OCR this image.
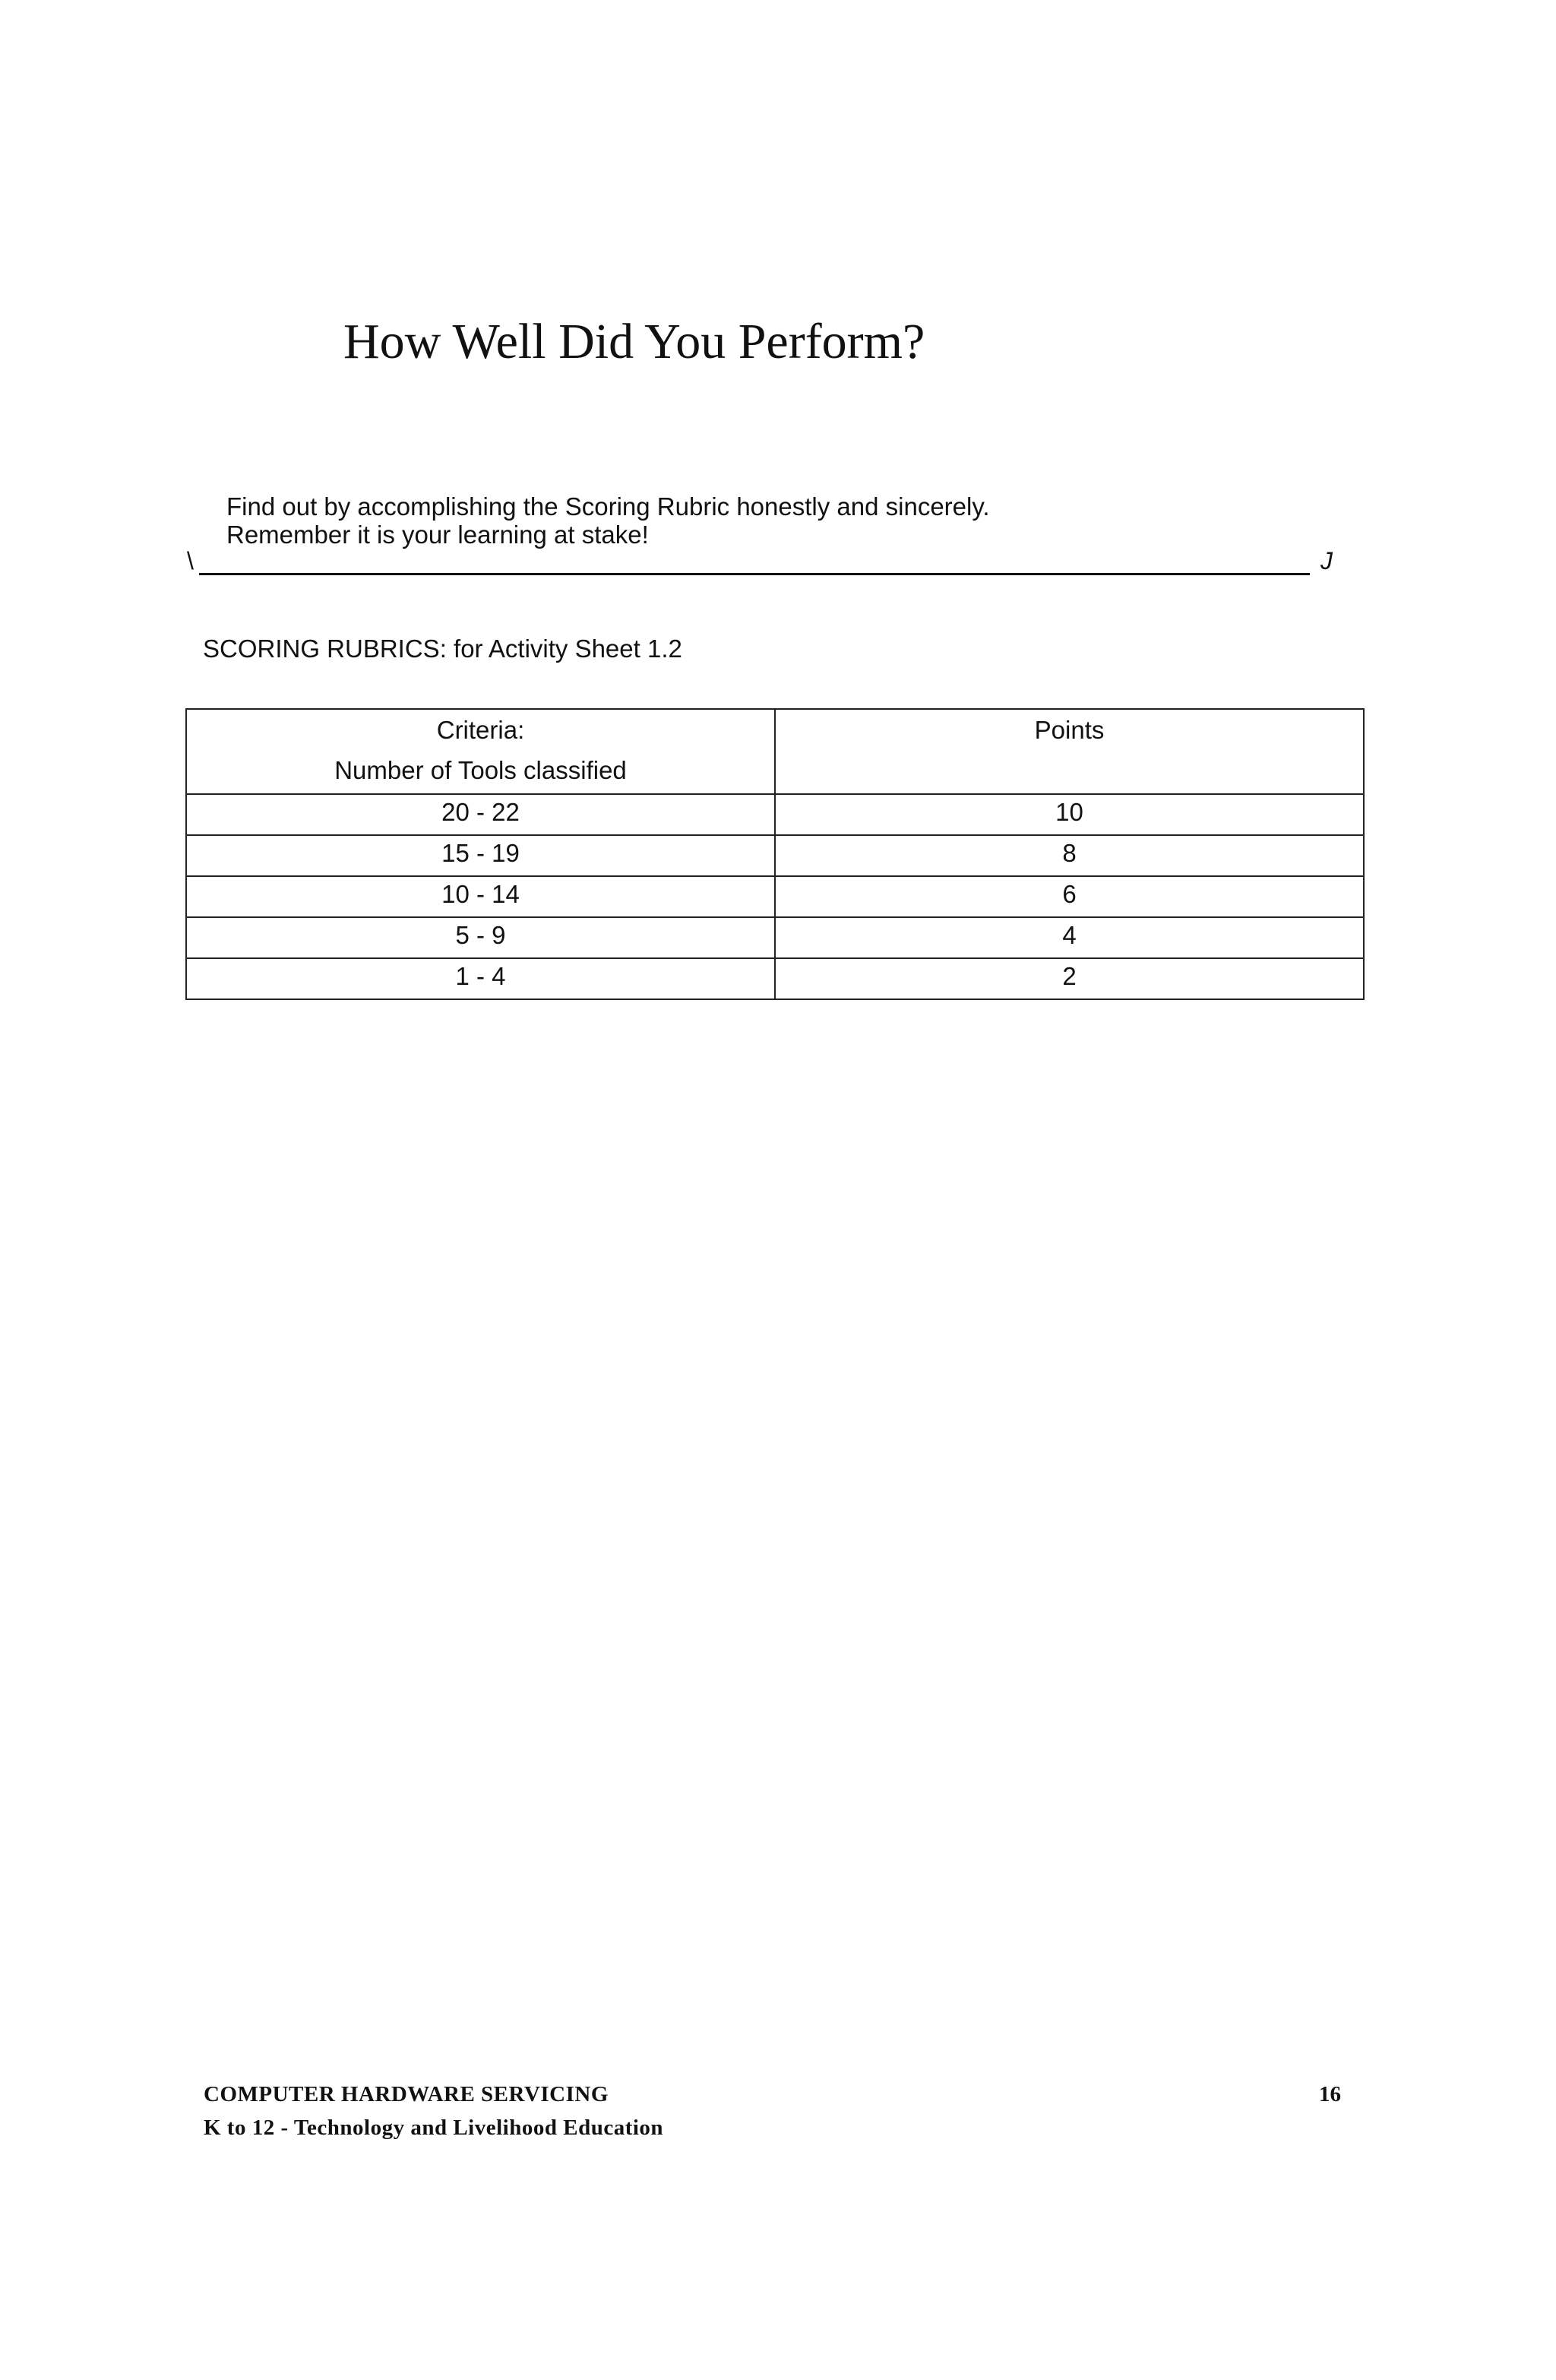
How Well Did You Perform?
Find out by accomplishing the Scoring Rubric honestly and sincerely.
Remember it is your learning at stake!
\	J
SCORING RUBRICS: for Activity Sheet 1.2
Criteria:
Number of Tools classified	Points

20 - 22	10
15 - 19	8
10 - 14	6
5 - 9	4
1 - 4	2
COMPUTER HARDWARE SERVICING
K to 12 - Technology and Livelihood Education
16
